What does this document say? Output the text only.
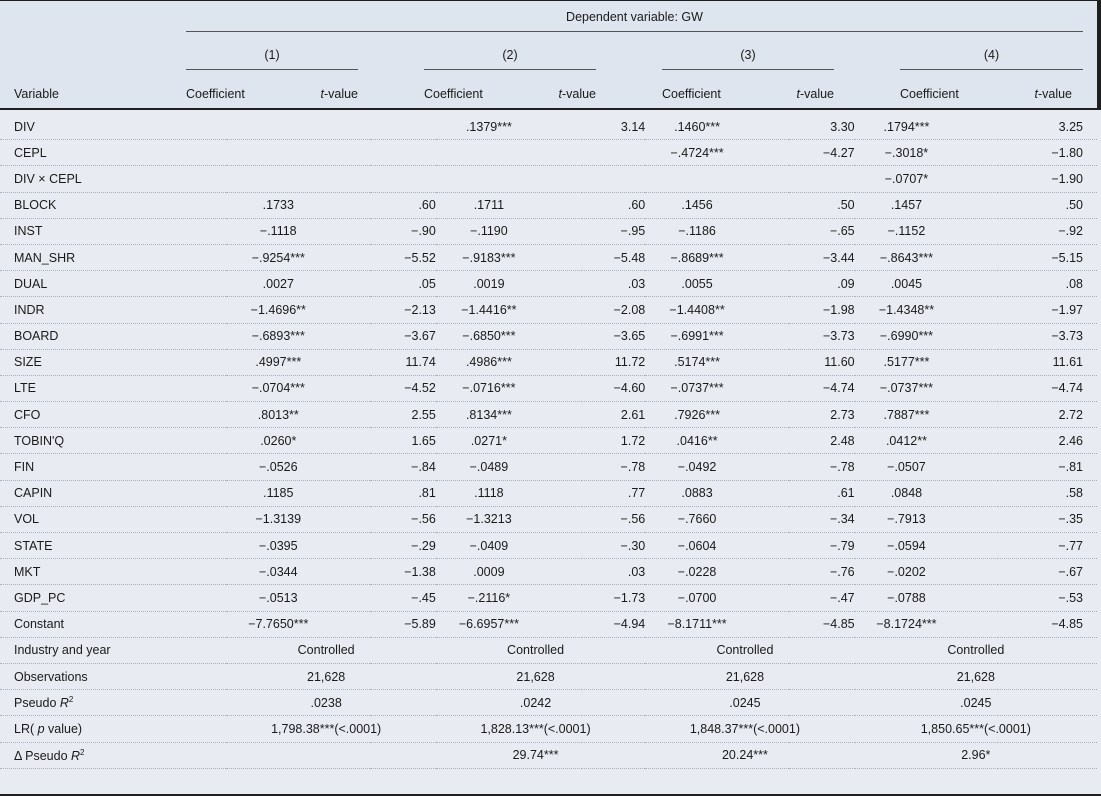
Dependent variable: GW
(1)	(2)	(3)	(4)
Variable	Coefficient	t-value	Coefficient	t-value	Coefficient	t-value	Coefficient	t-value
DIV			.1379***	3.14	.1460***	3.30	.1794***	3.25
CEPL					−.4724***	−4.27	−.3018*	−1.80
DIV × CEPL							−.0707*	−1.90
BLOCK	.1733	.60	.1711	.60	.1456	.50	.1457	.50
INST	−.1118	−.90	−.1190	−.95	−.1186	−.65	−.1152	−.92
MAN_SHR	−.9254***	−5.52	−.9183***	−5.48	−.8689***	−3.44	−.8643***	−5.15
DUAL	.0027	.05	.0019	.03	.0055	.09	.0045	.08
INDR	−1.4696**	−2.13	−1.4416**	−2.08	−1.4408**	−1.98	−1.4348**	−1.97
BOARD	−.6893***	−3.67	−.6850***	−3.65	−.6991***	−3.73	−.6990***	−3.73
SIZE	.4997***	11.74	.4986***	11.72	.5174***	11.60	.5177***	11.61
LTE	−.0704***	−4.52	−.0716***	−4.60	−.0737***	−4.74	−.0737***	−4.74
CFO	.8013**	2.55	.8134***	2.61	.7926***	2.73	.7887***	2.72
TOBIN'Q	.0260*	1.65	.0271*	1.72	.0416**	2.48	.0412**	2.46
FIN	−.0526	−.84	−.0489	−.78	−.0492	−.78	−.0507	−.81
CAPIN	.1185	.81	.1118	.77	.0883	.61	.0848	.58
VOL	−1.3139	−.56	−1.3213	−.56	−.7660	−.34	−.7913	−.35
STATE	−.0395	−.29	−.0409	−.30	−.0604	−.79	−.0594	−.77
MKT	−.0344	−1.38	.0009	.03	−.0228	−.76	−.0202	−.67
GDP_PC	−.0513	−.45	−.2116*	−1.73	−.0700	−.47	−.0788	−.53
Constant	−7.7650***	−5.89	−6.6957***	−4.94	−8.1711***	−4.85	−8.1724***	−4.85
Industry and year	Controlled		Controlled		Controlled		Controlled	
Observations	21,628		21,628		21,628		21,628	
Pseudo $R^2$	.0238		.0242		.0245		.0245	
LR( p value)	1,798.38***(<.0001)		1,828.13***(<.0001)		1,848.37***(<.0001)		1,850.65***(<.0001)	
Δ Pseudo $R^2$			29.74***		20.24***		2.96*	
